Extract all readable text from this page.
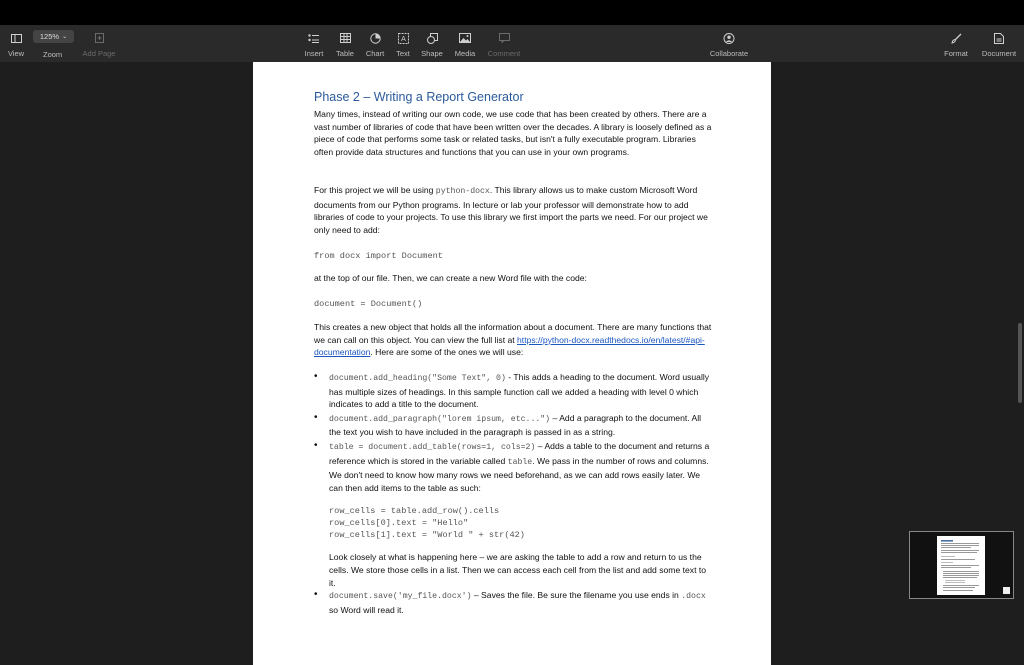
View	Add Page	Insert Table Chart
A
Text Shape Media Comment	Collaborate	Format Document
125% ⌄
Zoom
Phase 2 – Writing a Report Generator
Many times, instead of writing our own code, we use code that has been created by others. There are a vast number of libraries of code that have been written over the decades. A library is loosely defined as a piece of code that performs some task or related tasks, but isn't a fully executable program. Libraries often provide data structures and functions that you can use in your own programs.
For this project we will be using python-docx. This library allows us to make custom Microsoft Word documents from our Python programs. In lecture or lab your professor will demonstrate how to add libraries of code to your projects. To use this library we first import the parts we need. For our project we only need to add:
from docx import Document
at the top of our file. Then, we can create a new Word file with the code:
document = Document()
This creates a new object that holds all the information about a document. There are many functions that we can call on this object. You can view the full list at https://python-docx.readthedocs.io/en/latest/#api-documentation. Here are some of the ones we will use:
• document.add_heading("Some Text", 0) - This adds a heading to the document. Word usually has multiple sizes of headings. In this sample function call we added a heading with level 0 which indicates to add a title to the document.
• document.add_paragraph("lorem ipsum, etc...") – Add a paragraph to the document. All the text you wish to have included in the paragraph is passed in as a string.
• table = document.add_table(rows=1, cols=2) – Adds a table to the document and returns a reference which is stored in the variable called table. We pass in the number of rows and columns. We don't need to know how many rows we need beforehand, as we can add rows easily later. We can then add items to the table as such:
row_cells = table.add_row().cells
row_cells[0].text = "Hello"
row_cells[1].text = "World " + str(42)
Look closely at what is happening here – we are asking the table to add a row and return to us the cells. We store those cells in a list. Then we can access each cell from the list and add some text to it.
• document.save('my_file.docx') – Saves the file. Be sure the filename you use ends in .docx so Word will read it.
